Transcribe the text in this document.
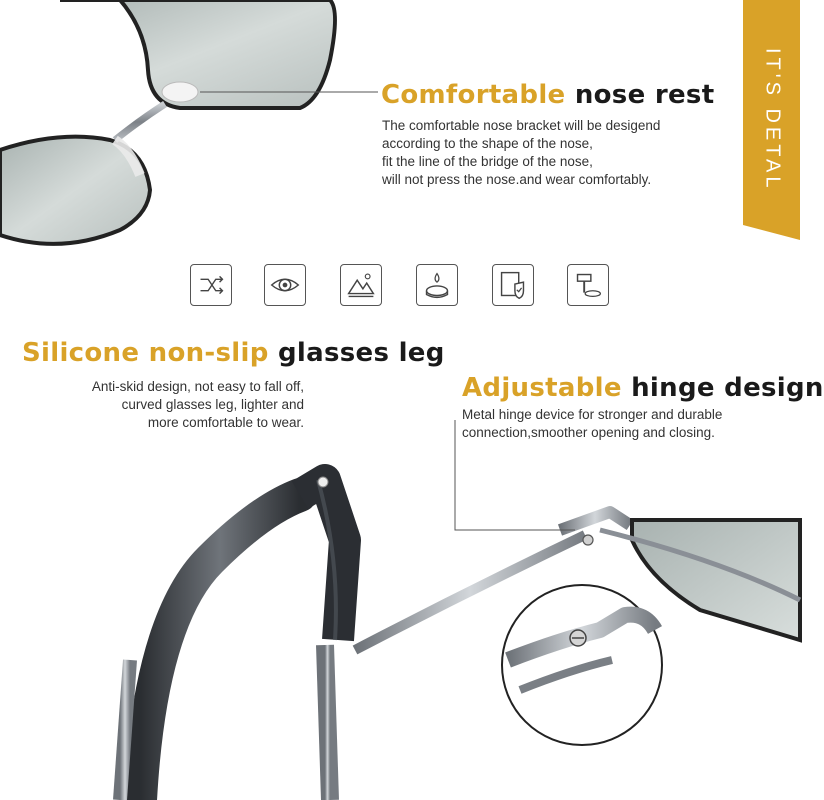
IT'S DETAL
Comfortable nose rest
The comfortable nose bracket will be desigend
according to the shape of the nose,
fit the line of the bridge of the nose,
will not press the nose.and wear comfortably.
Silicone non-slip glasses leg
Anti-skid design, not easy to fall off,
curved glasses leg, lighter and
more comfortable to wear.
Adjustable hinge design
Metal hinge device for stronger and durable
connection,smoother opening and closing.
